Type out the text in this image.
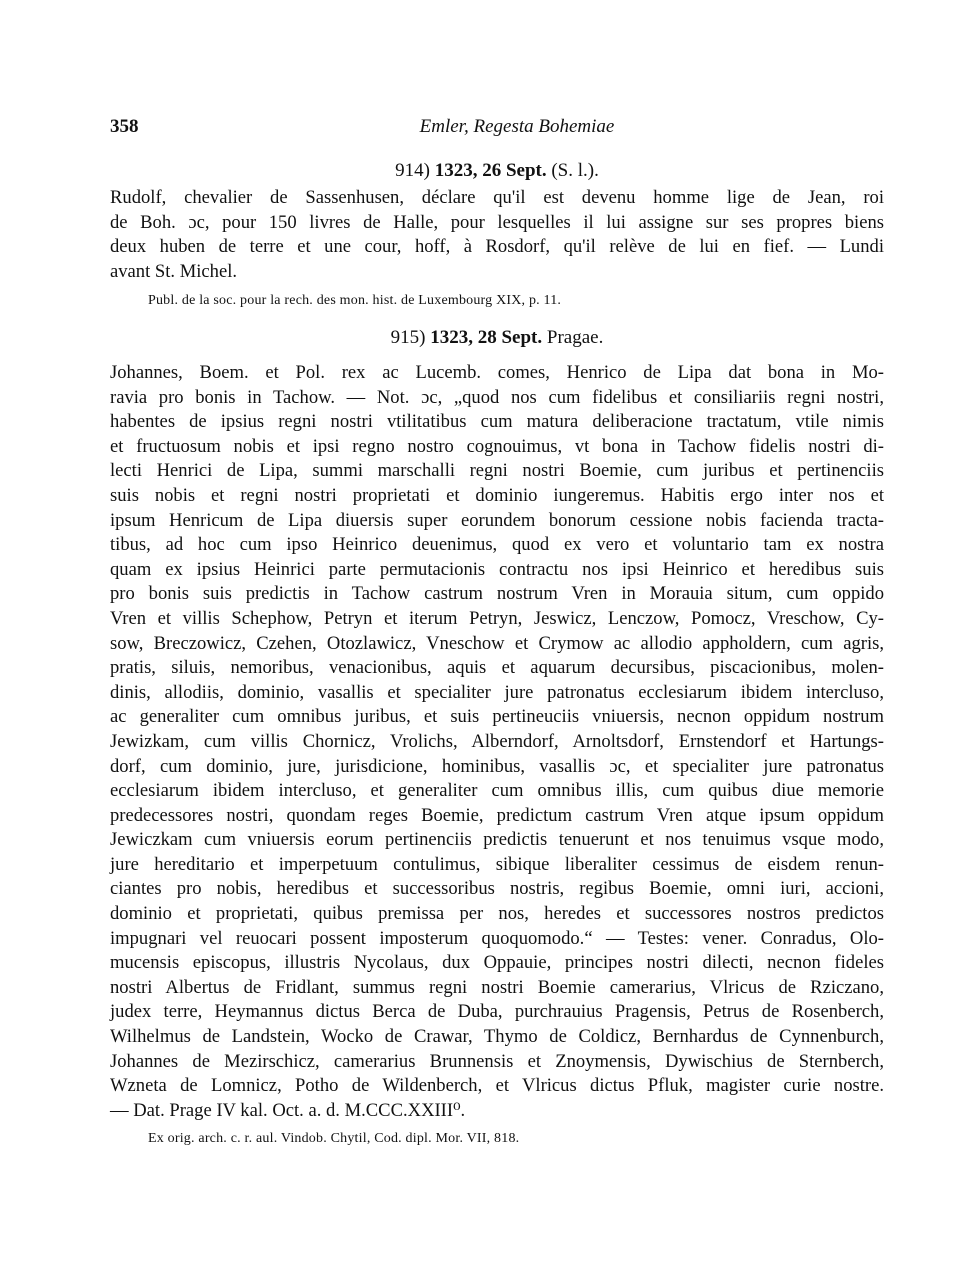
358	Emler, Regesta Bohemiae
914) 1323, 26 Sept. (S. l.).
Rudolf, chevalier de Sassenhusen, déclare qu'il est devenu homme lige de Jean, roi
de Boh. ɔc, pour 150 livres de Halle, pour lesquelles il lui assigne sur ses propres biens
deux huben de terre et une cour, hoff, à Rosdorf, qu'il relève de lui en fief. — Lundi
avant St. Michel.
Publ. de la soc. pour la rech. des mon. hist. de Luxembourg XIX, p. 11.
915) 1323, 28 Sept. Pragae.
Johannes, Boem. et Pol. rex ac Lucemb. comes, Henrico de Lipa dat bona in Mo-
ravia pro bonis in Tachow. — Not. ɔc, „quod nos cum fidelibus et consiliariis regni nostri,
habentes de ipsius regni nostri vtilitatibus cum matura deliberacione tractatum, vtile nimis
et fructuosum nobis et ipsi regno nostro cognouimus, vt bona in Tachow fidelis nostri di-
lecti Henrici de Lipa, summi marschalli regni nostri Boemie, cum juribus et pertinenciis
suis nobis et regni nostri proprietati et dominio iungeremus. Habitis ergo inter nos et
ipsum Henricum de Lipa diuersis super eorundem bonorum cessione nobis facienda tracta-
tibus, ad hoc cum ipso Heinrico deuenimus, quod ex vero et voluntario tam ex nostra
quam ex ipsius Heinrici parte permutacionis contractu nos ipsi Heinrico et heredibus suis
pro bonis suis predictis in Tachow castrum nostrum Vren in Morauia situm, cum oppido
Vren et villis Schephow, Petryn et iterum Petryn, Jeswicz, Lenczow, Pomocz, Vreschow, Cy-
sow, Breczowicz, Czehen, Otozlawicz, Vneschow et Crymow ac allodio appholdern, cum agris,
pratis, siluis, nemoribus, venacionibus, aquis et aquarum decursibus, piscacionibus, molen-
dinis, allodiis, dominio, vasallis et specialiter jure patronatus ecclesiarum ibidem intercluso,
ac generaliter cum omnibus juribus, et suis pertineuciis vniuersis, necnon oppidum nostrum
Jewizkam, cum villis Chornicz, Vrolichs, Alberndorf, Arnoltsdorf, Ernstendorf et Hartungs-
dorf, cum dominio, jure, jurisdicione, hominibus, vasallis ɔc, et specialiter jure patronatus
ecclesiarum ibidem intercluso, et generaliter cum omnibus illis, cum quibus diue memorie
predecessores nostri, quondam reges Boemie, predictum castrum Vren atque ipsum oppidum
Jewiczkam cum vniuersis eorum pertinenciis predictis tenuerunt et nos tenuimus vsque modo,
jure hereditario et imperpetuum contulimus, sibique liberaliter cessimus de eisdem renun-
ciantes pro nobis, heredibus et successoribus nostris, regibus Boemie, omni iuri, accioni,
dominio et proprietati, quibus premissa per nos, heredes et successores nostros predictos
impugnari vel reuocari possent imposterum quoquomodo.“ — Testes: vener. Conradus, Olo-
mucensis episcopus, illustris Nycolaus, dux Oppauie, principes nostri dilecti, necnon fideles
nostri Albertus de Fridlant, summus regni nostri Boemie camerarius, Vlricus de Rziczano,
judex terre, Heymannus dictus Berca de Duba, purchrauius Pragensis, Petrus de Rosenberch,
Wilhelmus de Landstein, Wocko de Crawar, Thymo de Coldicz, Bernhardus de Cynnenburch,
Johannes de Mezirschicz, camerarius Brunnensis et Znoymensis, Dywischius de Sternberch,
Wzneta de Lomnicz, Potho de Wildenberch, et Vlricus dictus Pfluk, magister curie nostre.
— Dat. Prage IV kal. Oct. a. d. M.CCC.XXIII⁰.
Ex orig. arch. c. r. aul. Vindob. Chytil, Cod. dipl. Mor. VII, 818.
